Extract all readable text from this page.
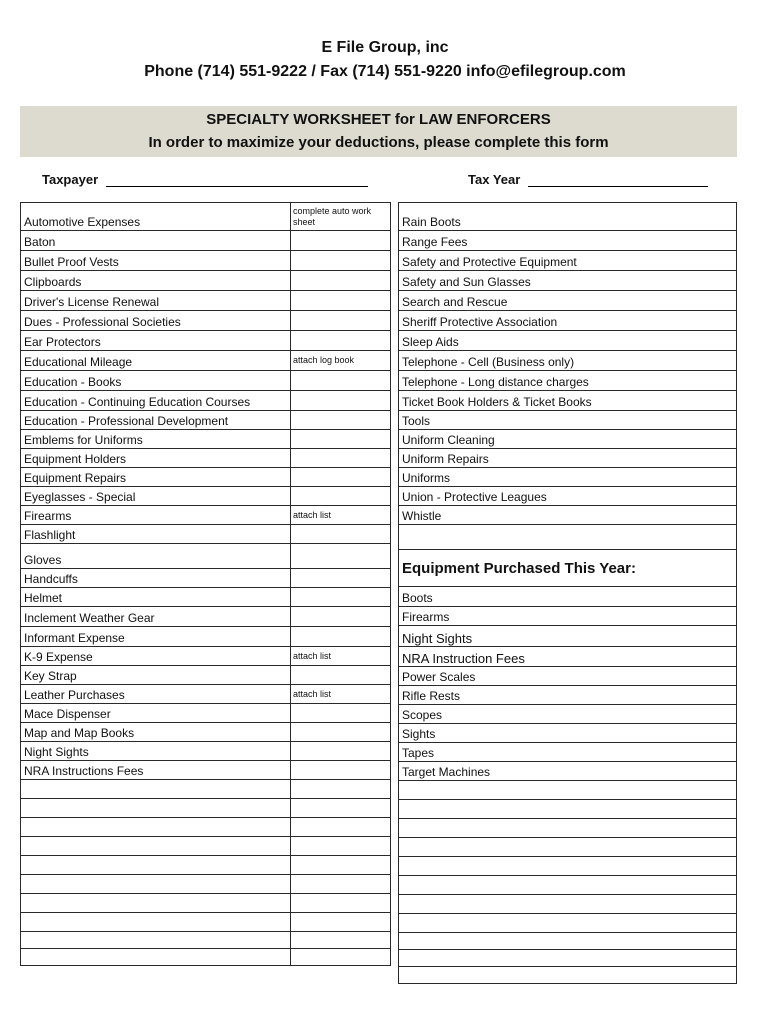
E File Group, inc
Phone (714) 551-9222 / Fax (714) 551-9220 info@efilegroup.com
SPECIALTY WORKSHEET for LAW ENFORCERS
In order to maximize your deductions, please complete this form
Taxpayer	Tax Year
Automotive Expenses	complete auto work sheet
Baton	
Bullet Proof Vests	
Clipboards	
Driver's License Renewal	
Dues - Professional Societies	
Ear Protectors	
Educational Mileage	attach log book
Education - Books	
Education - Continuing Education Courses	
Education - Professional Development	
Emblems for Uniforms	
Equipment Holders	
Equipment Repairs	
Eyeglasses - Special	
Firearms	attach list
Flashlight	
Gloves	
Handcuffs	
Helmet	
Inclement Weather Gear	
Informant Expense	
K-9 Expense	attach list
Key Strap	
Leather Purchases	attach list
Mace Dispenser	
Map and Map Books	
Night Sights	
NRA Instructions Fees	

Rain Boots
Range Fees
Safety and Protective Equipment
Safety and Sun Glasses
Search and Rescue
Sheriff Protective Association
Sleep Aids
Telephone - Cell (Business only)
Telephone - Long distance charges
Ticket Book Holders & Ticket Books
Tools
Uniform Cleaning
Uniform Repairs
Uniforms
Union - Protective Leagues
Whistle

Equipment Purchased This Year:
Boots
Firearms
Night Sights
NRA Instruction Fees
Power Scales
Rifle Rests
Scopes
Sights
Tapes
Target Machines
